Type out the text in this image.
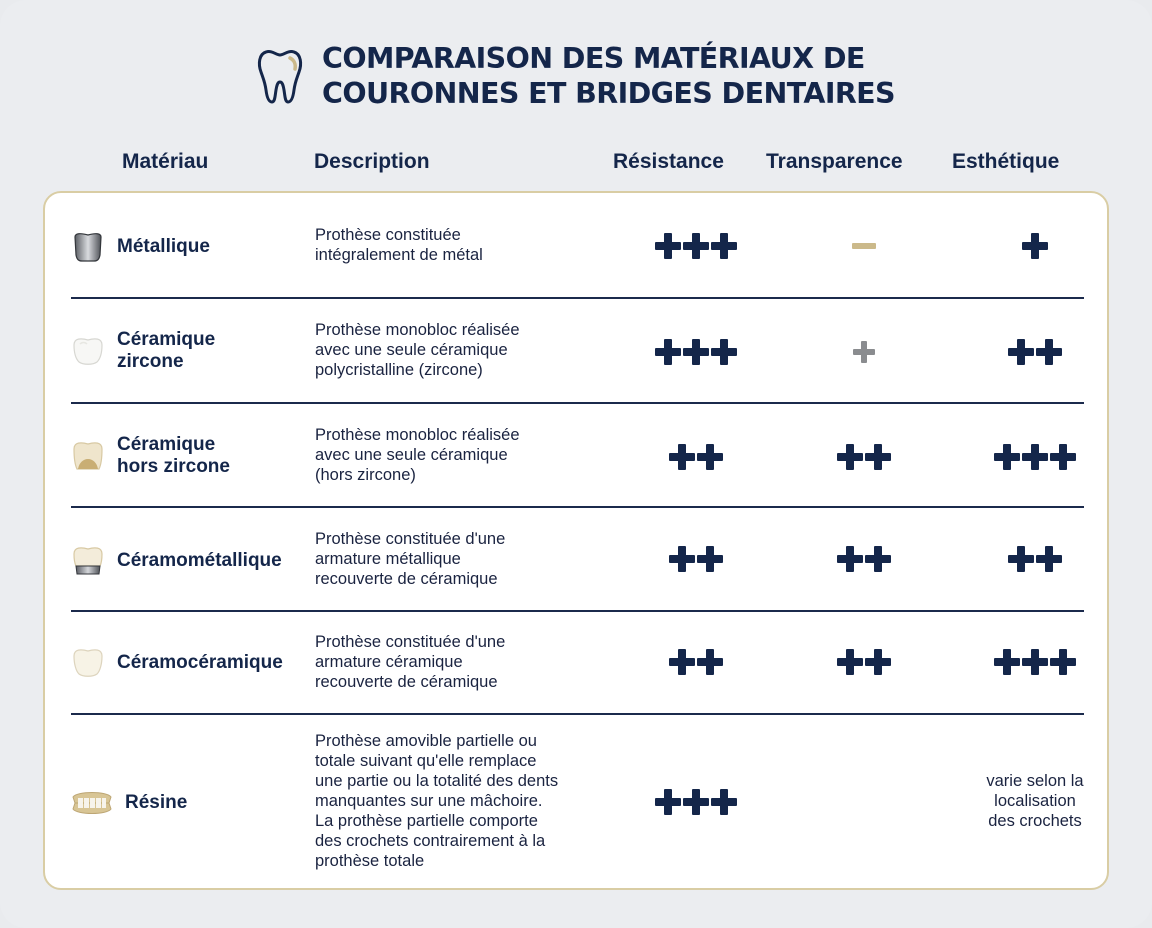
COMPARAISON DES MATÉRIAUX DE
COURONNES ET BRIDGES DENTAIRES
Matériau	Description	Résistance Transparence Esthétique
Métallique
Prothèse constituée
intégralement de métal
Céramique
zircone
Prothèse monobloc réalisée
avec une seule céramique
polycristalline (zircone)
Céramique
hors zircone
Prothèse monobloc réalisée
avec une seule céramique
(hors zircone)
Céramométallique
Prothèse constituée d'une
armature métallique
recouverte de céramique
Céramocéramique
Prothèse constituée d'une
armature céramique
recouverte de céramique
Résine
Prothèse amovible partielle ou
totale suivant qu'elle remplace
une partie ou la totalité des dents
manquantes sur une mâchoire.
La prothèse partielle comporte
des crochets contrairement à la
prothèse totale
varie selon la
localisation
des crochets
